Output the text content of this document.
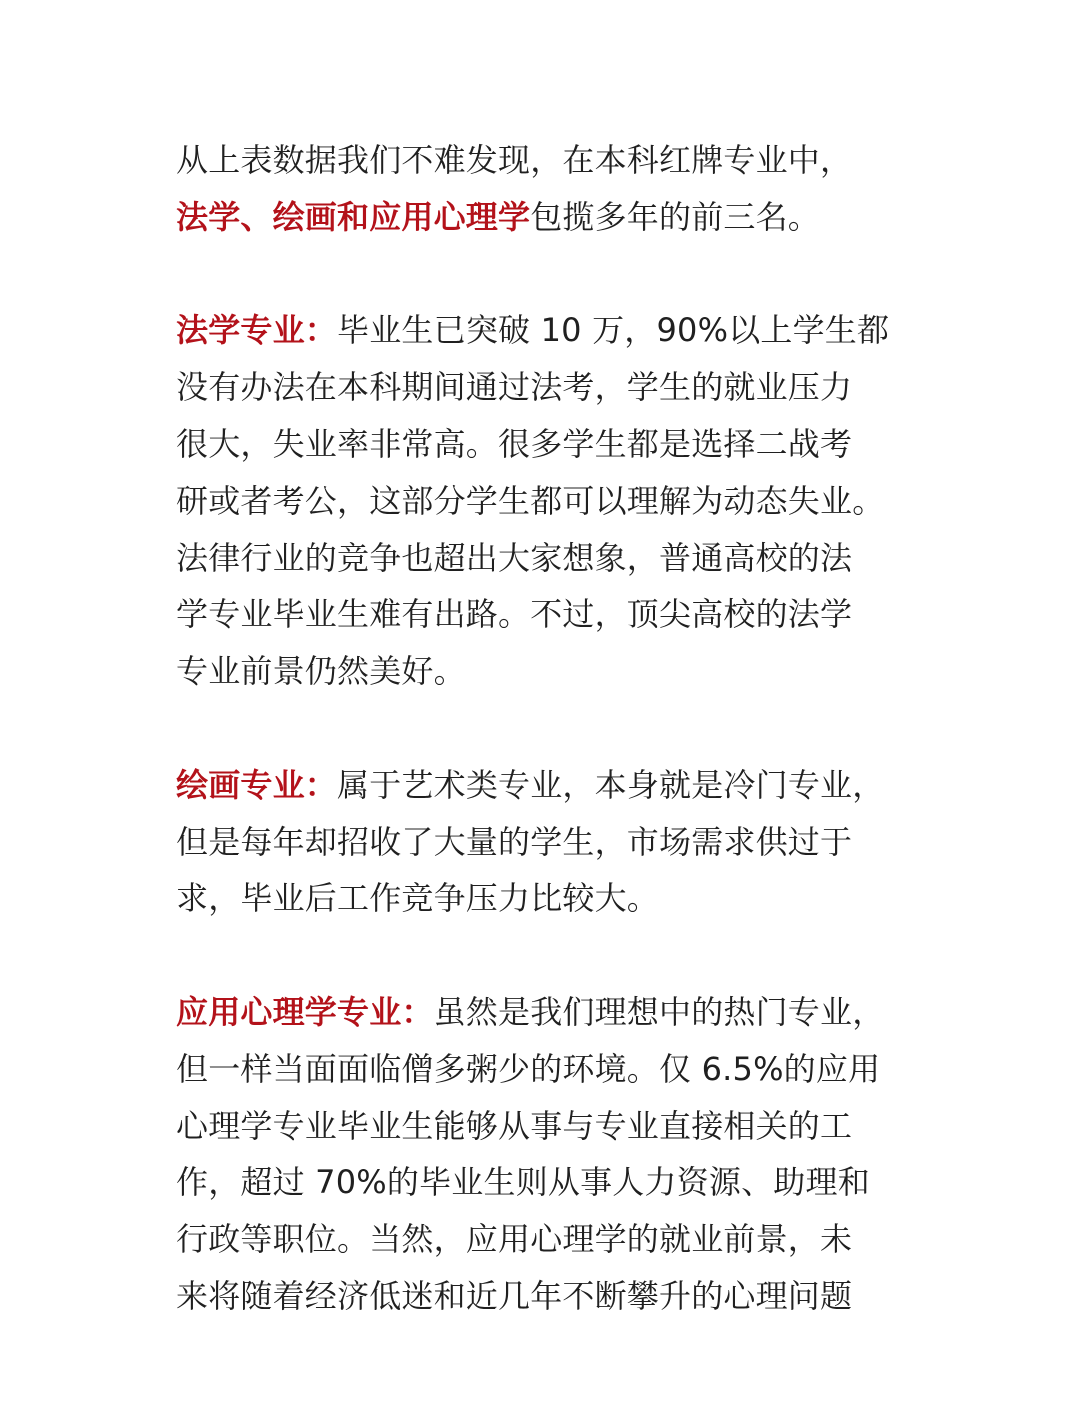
从上表数据我们不难发现，在本科红牌专业中，
法学、绘画和应用心理学包揽多年的前三名。

法学专业：毕业生已突破 10 万，90%以上学生都
没有办法在本科期间通过法考，学生的就业压力
很大，失业率非常高。很多学生都是选择二战考
研或者考公，这部分学生都可以理解为动态失业。
法律行业的竞争也超出大家想象，普通高校的法
学专业毕业生难有出路。不过，顶尖高校的法学
专业前景仍然美好。

绘画专业：属于艺术类专业，本身就是冷门专业，
但是每年却招收了大量的学生，市场需求供过于
求，毕业后工作竞争压力比较大。

应用心理学专业：虽然是我们理想中的热门专业，
但一样当面面临僧多粥少的环境。仅 6.5%的应用
心理学专业毕业生能够从事与专业直接相关的工
作，超过 70%的毕业生则从事人力资源、助理和
行政等职位。当然，应用心理学的就业前景，未
来将随着经济低迷和近几年不断攀升的心理问题
